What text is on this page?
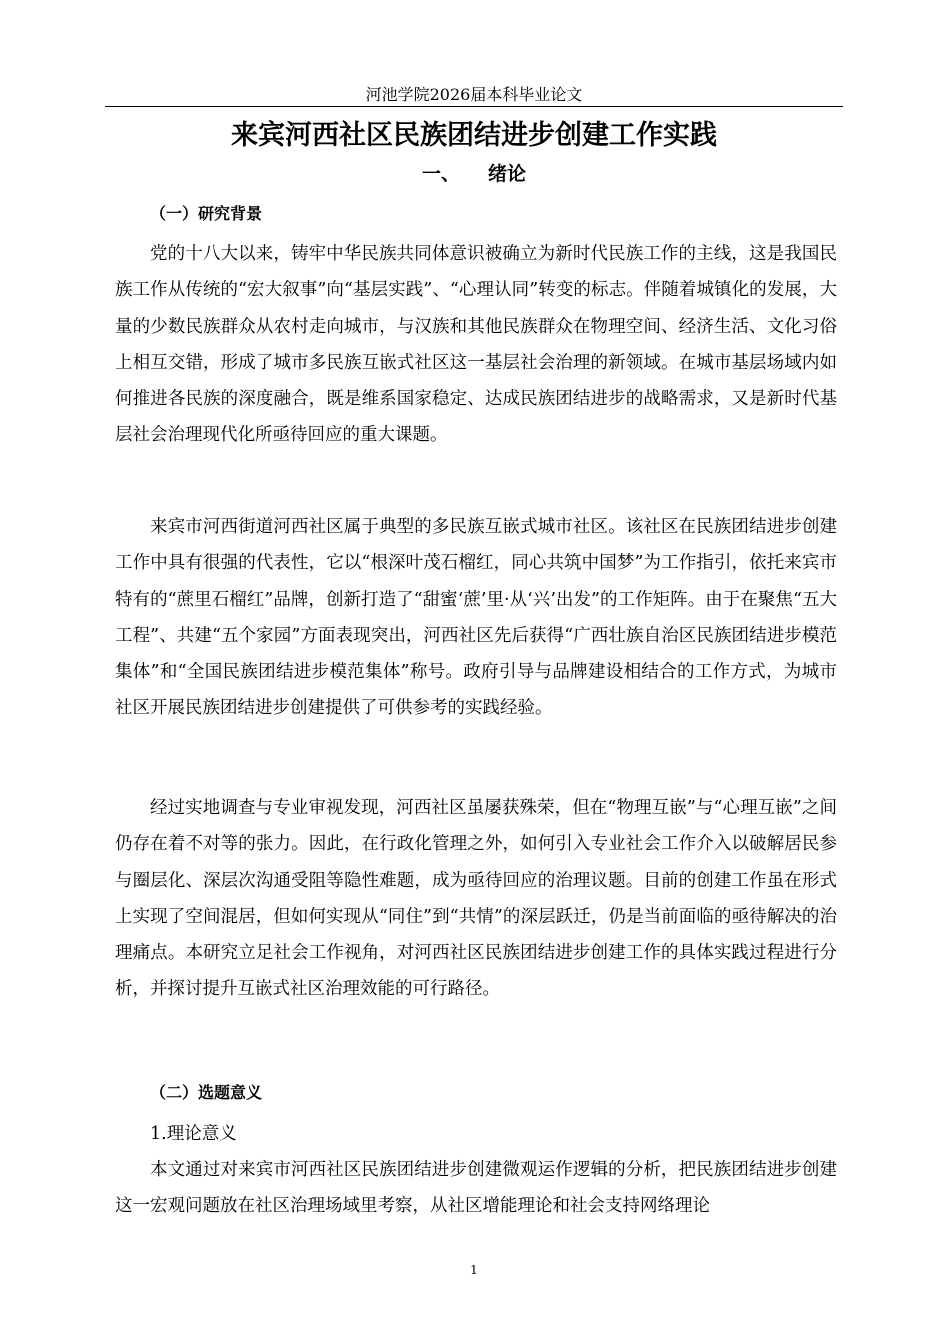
河池学院2026届本科毕业论文
来宾河西社区民族团结进步创建工作实践
一、 绪论
（一）研究背景

党的十八大以来，铸牢中华民族共同体意识被确立为新时代民族工作的主线，这是我国民族工作从传统的“宏大叙事”向“基层实践”、“心理认同”转变的标志。伴随着城镇化的发展，大量的少数民族群众从农村走向城市，与汉族和其他民族群众在物理空间、经济生活、文化习俗上相互交错，形成了城市多民族互嵌式社区这一基层社会治理的新领域。在城市基层场域内如何推进各民族的深度融合，既是维系国家稳定、达成民族团结进步的战略需求，又是新时代基层社会治理现代化所亟待回应的重大课题。

来宾市河西街道河西社区属于典型的多民族互嵌式城市社区。该社区在民族团结进步创建工作中具有很强的代表性，它以“根深叶茂石榴红，同心共筑中国梦”为工作指引，依托来宾市特有的“蔗里石榴红”品牌，创新打造了“甜蜜‘蔗’里·从‘兴’出发”的工作矩阵。由于在聚焦“五大工程”、共建“五个家园”方面表现突出，河西社区先后获得“广西壮族自治区民族团结进步模范集体”和“全国民族团结进步模范集体”称号。政府引导与品牌建设相结合的工作方式，为城市社区开展民族团结进步创建提供了可供参考的实践经验。

经过实地调查与专业审视发现，河西社区虽屡获殊荣，但在“物理互嵌”与“心理互嵌”之间仍存在着不对等的张力。因此，在行政化管理之外，如何引入专业社会工作介入以破解居民参与圈层化、深层次沟通受阻等隐性难题，成为亟待回应的治理议题。目前的创建工作虽在形式上实现了空间混居，但如何实现从“同住”到“共情”的深层跃迁，仍是当前面临的亟待解决的治理痛点。本研究立足社会工作视角，对河西社区民族团结进步创建工作的具体实践过程进行分析，并探讨提升互嵌式社区治理效能的可行路径。

（二）选题意义
1.理论意义

本文通过对来宾市河西社区民族团结进步创建微观运作逻辑的分析，把民族团结进步创建这一宏观问题放在社区治理场域里考察，从社区增能理论和社会支持网络理论

1
